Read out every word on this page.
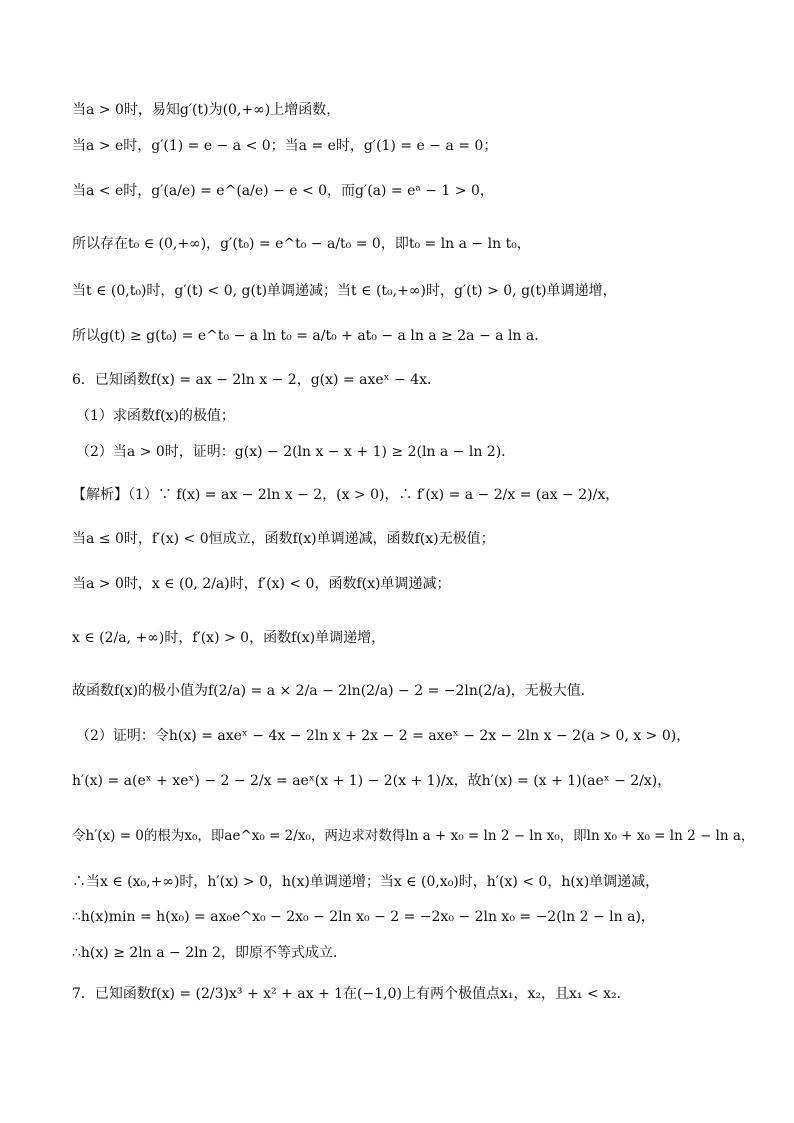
当a > 0时，易知g′(t)为(0,+∞)上增函数，
当a > e时，g′(1) = e − a < 0；当a = e时，g′(1) = e − a = 0；
当a < e时，g′(a/e) = e^(a/e) − e < 0，而g′(a) = eᵃ − 1 > 0，
所以存在t₀ ∈ (0,+∞)，g′(t₀) = e^t₀ − a/t₀ = 0，即t₀ = ln a − ln t₀，
当t ∈ (0,t₀)时，g′(t) < 0, g(t)单调递减；当t ∈ (t₀,+∞)时，g′(t) > 0, g(t)单调递增，
所以g(t) ≥ g(t₀) = e^t₀ − a ln t₀ = a/t₀ + at₀ − a ln a ≥ 2a − a ln a．
6．已知函数f(x) = ax − 2ln x − 2，g(x) = axeˣ − 4x．
（1）求函数f(x)的极值；
（2）当a > 0时，证明：g(x) − 2(ln x − x + 1) ≥ 2(ln a − ln 2)．
【解析】（1）∵ f(x) = ax − 2ln x − 2，(x > 0)，∴ f′(x) = a − 2/x = (ax − 2)/x，
当a ≤ 0时，f′(x) < 0恒成立，函数f(x)单调递减，函数f(x)无极值；
当a > 0时，x ∈ (0, 2/a)时，f′(x) < 0，函数f(x)单调递减；
x ∈ (2/a, +∞)时，f′(x) > 0，函数f(x)单调递增，
故函数f(x)的极小值为f(2/a) = a × 2/a − 2ln(2/a) − 2 = −2ln(2/a)，无极大值．
（2）证明：令h(x) = axeˣ − 4x − 2ln x + 2x − 2 = axeˣ − 2x − 2ln x − 2(a > 0, x > 0)，
h′(x) = a(eˣ + xeˣ) − 2 − 2/x = aeˣ(x + 1) − 2(x + 1)/x，故h′(x) = (x + 1)(aeˣ − 2/x)，
令h′(x) = 0的根为x₀，即ae^x₀ = 2/x₀，两边求对数得ln a + x₀ = ln 2 − ln x₀，即ln x₀ + x₀ = ln 2 − ln a，
∴当x ∈ (x₀,+∞)时，h′(x) > 0，h(x)单调递增；当x ∈ (0,x₀)时，h′(x) < 0，h(x)单调递减，
∴h(x)min = h(x₀) = ax₀e^x₀ − 2x₀ − 2ln x₀ − 2 = −2x₀ − 2ln x₀ = −2(ln 2 − ln a)，
∴h(x) ≥ 2ln a − 2ln 2，即原不等式成立．
7．已知函数f(x) = (2/3)x³ + x² + ax + 1在(−1,0)上有两个极值点x₁，x₂，且x₁ < x₂．
